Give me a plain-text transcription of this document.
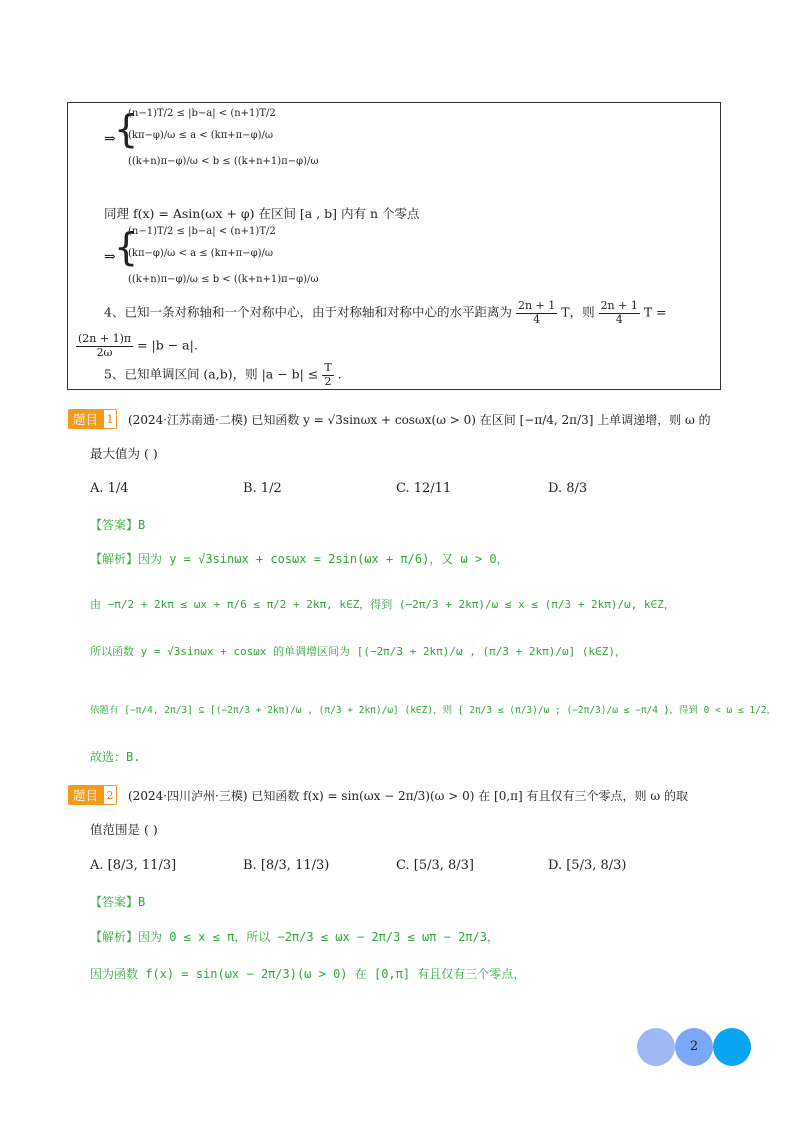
⇒
{
(n−1)T/2 ≤ |b−a| < (n+1)T/2
(kπ−φ)/ω ≤ a < (kπ+π−φ)/ω
((k+n)π−φ)/ω < b ≤ ((k+n+1)π−φ)/ω
同理 f(x) = Asin(ωx + φ) 在区间 [a , b] 内有 n 个零点
⇒
{
(n−1)T/2 ≤ |b−a| < (n+1)T/2
(kπ−φ)/ω < a ≤ (kπ+π−φ)/ω
((k+n)π−φ)/ω ≤ b < ((k+n+1)π−φ)/ω
4、已知一条对称轴和一个对称中心，由于对称轴和对称中心的水平距离为 $\frac{2n + 1}{4}$ T，则 $\frac{2n + 1}{4}$ T =
$\frac{(2n + 1)\pi}{2\omega} = |b - a|$.
5、已知单调区间 (a,b)，则 $|a - b| \le \frac{T}{2}$ .
题目 1 (2024·江苏南通·二模) 已知函数 y = √3sinωx + cosωx(ω > 0) 在区间 [−π/4, 2π/3] 上单调递增，则 ω 的
最大值为 ( )
A. 1/4	B. 1/2	C. 12/11	D. 8/3
【答案】B
【解析】因为 y = √3sinωx + cosωx = 2sin(ωx + π/6)，又 ω > 0，
由 −π/2 + 2kπ ≤ ωx + π/6 ≤ π/2 + 2kπ, k∈Z，得到 (−2π/3 + 2kπ)/ω ≤ x ≤ (π/3 + 2kπ)/ω, k∈Z，
所以函数 y = √3sinωx + cosωx 的单调增区间为 [(−2π/3 + 2kπ)/ω , (π/3 + 2kπ)/ω] (k∈Z)，
依题有 [−π/4, 2π/3] ⊆ [(−2π/3 + 2kπ)/ω , (π/3 + 2kπ)/ω] (k∈Z)，则 { 2π/3 ≤ (π/3)/ω ; (−2π/3)/ω ≤ −π/4 }，得到 0 < ω ≤ 1/2，
故选：B.
题目 2 (2024·四川泸州·三模) 已知函数 f(x) = sin(ωx − 2π/3)(ω > 0) 在 [0,π] 有且仅有三个零点，则 ω 的取
值范围是 ( )
A. [8/3, 11/3]	B. [8/3, 11/3)	C. [5/3, 8/3]	D. [5/3, 8/3)
【答案】B
【解析】因为 0 ≤ x ≤ π，所以 −2π/3 ≤ ωx − 2π/3 ≤ ωπ − 2π/3，
因为函数 f(x) = sin(ωx − 2π/3)(ω > 0) 在 [0,π] 有且仅有三个零点，
2
